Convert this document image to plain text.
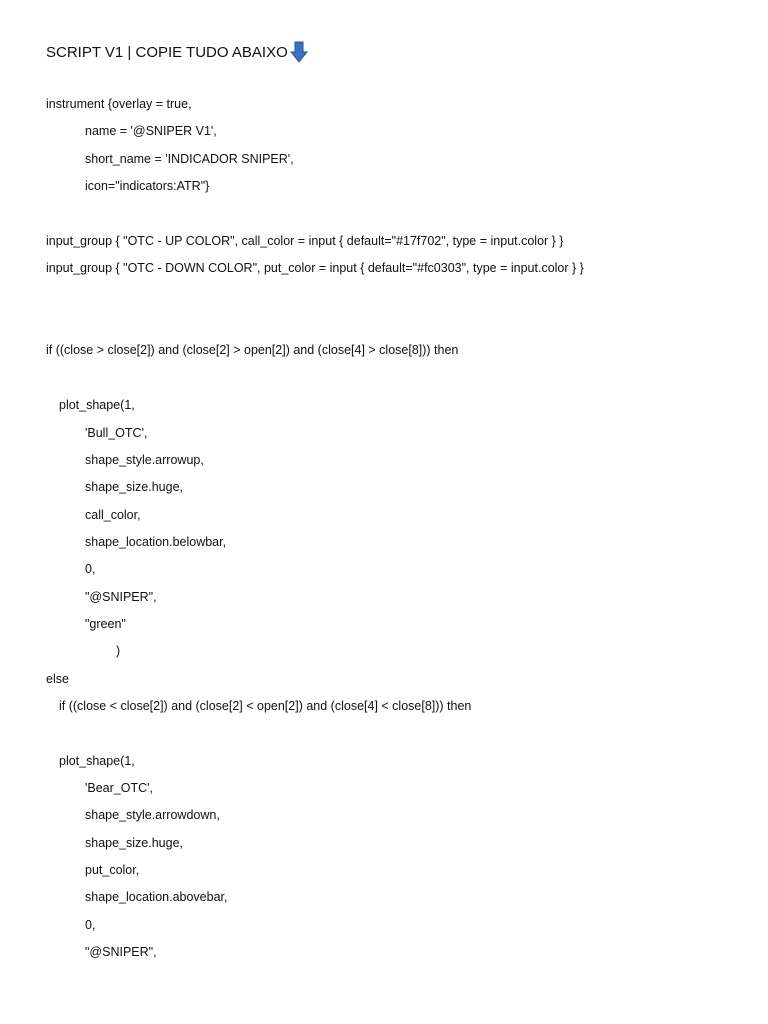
SCRIPT V1 | COPIE TUDO ABAIXO
instrument {overlay = true,
name = '@SNIPER V1',
short_name = 'INDICADOR SNIPER',
icon="indicators:ATR"}
input_group { "OTC - UP COLOR", call_color = input { default="#17f702", type = input.color } }
input_group { "OTC - DOWN COLOR", put_color = input { default="#fc0303", type = input.color } }
if ((close > close[2]) and (close[2] > open[2]) and (close[4] > close[8])) then
plot_shape(1,
'Bull_OTC',
shape_style.arrowup,
shape_size.huge,
call_color,
shape_location.belowbar,
0,
"@SNIPER",
"green"
)
else
if ((close < close[2]) and (close[2] < open[2]) and (close[4] < close[8])) then
plot_shape(1,
'Bear_OTC',
shape_style.arrowdown,
shape_size.huge,
put_color,
shape_location.abovebar,
0,
"@SNIPER",
